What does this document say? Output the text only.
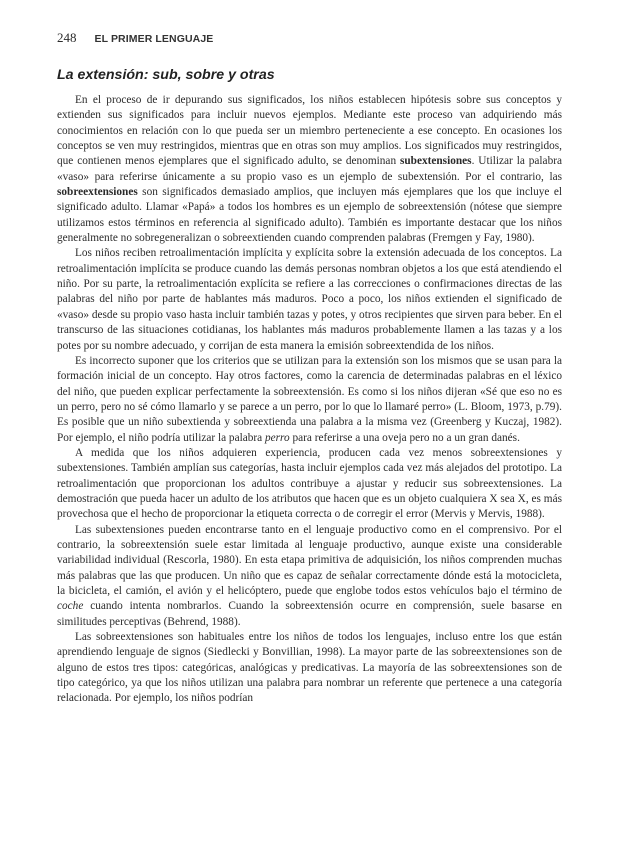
248 EL PRIMER LENGUAJE
La extensión: sub, sobre y otras

En el proceso de ir depurando sus significados, los niños establecen hipótesis sobre sus conceptos y extienden sus significados para incluir nuevos ejemplos. Mediante este proceso van adquiriendo más conocimientos en relación con lo que pueda ser un miembro perteneciente a ese concepto. En ocasiones los conceptos se ven muy restringidos, mientras que en otras son muy amplios. Los significados muy restringidos, que contienen menos ejemplares que el significado adulto, se denominan subextensiones. Utilizar la palabra «vaso» para referirse únicamente a su propio vaso es un ejemplo de subextensión. Por el contrario, las sobreextensiones son significados demasiado amplios, que incluyen más ejemplares que los que incluye el significado adulto. Llamar «Papá» a todos los hombres es un ejemplo de sobreextensión (nótese que siempre utilizamos estos términos en referencia al significado adulto). También es importante destacar que los niños generalmente no sobregeneralizan o sobreextienden cuando comprenden palabras (Fremgen y Fay, 1980).

Los niños reciben retroalimentación implícita y explícita sobre la extensión adecuada de los conceptos. La retroalimentación implícita se produce cuando las demás personas nombran objetos a los que está atendiendo el niño. Por su parte, la retroalimentación explícita se refiere a las correcciones o confirmaciones directas de las palabras del niño por parte de hablantes más maduros. Poco a poco, los niños extienden el significado de «vaso» desde su propio vaso hasta incluir también tazas y potes, y otros recipientes que sirven para beber. En el transcurso de las situaciones cotidianas, los hablantes más maduros probablemente llamen a las tazas y a los potes por su nombre adecuado, y corrijan de esta manera la emisión sobreextendida de los niños.

Es incorrecto suponer que los criterios que se utilizan para la extensión son los mismos que se usan para la formación inicial de un concepto. Hay otros factores, como la carencia de determinadas palabras en el léxico del niño, que pueden explicar perfectamente la sobreextensión. Es como si los niños dijeran «Sé que eso no es un perro, pero no sé cómo llamarlo y se parece a un perro, por lo que lo llamaré perro» (L. Bloom, 1973, p.79). Es posible que un niño subextienda y sobreextienda una palabra a la misma vez (Greenberg y Kuczaj, 1982). Por ejemplo, el niño podría utilizar la palabra perro para referirse a una oveja pero no a un gran danés.

A medida que los niños adquieren experiencia, producen cada vez menos sobreextensiones y subextensiones. También amplían sus categorías, hasta incluir ejemplos cada vez más alejados del prototipo. La retroalimentación que proporcionan los adultos contribuye a ajustar y reducir sus sobreextensiones. La demostración que pueda hacer un adulto de los atributos que hacen que es un objeto cualquiera X sea X, es más provechosa que el hecho de proporcionar la etiqueta correcta o de corregir el error (Mervis y Mervis, 1988).

Las subextensiones pueden encontrarse tanto en el lenguaje productivo como en el comprensivo. Por el contrario, la sobreextensión suele estar limitada al lenguaje productivo, aunque existe una considerable variabilidad individual (Rescorla, 1980). En esta etapa primitiva de adquisición, los niños comprenden muchas más palabras que las que producen. Un niño que es capaz de señalar correctamente dónde está la motocicleta, la bicicleta, el camión, el avión y el helicóptero, puede que englobe todos estos vehículos bajo el término de coche cuando intenta nombrarlos. Cuando la sobreextensión ocurre en comprensión, suele basarse en similitudes perceptivas (Behrend, 1988).

Las sobreextensiones son habituales entre los niños de todos los lenguajes, incluso entre los que están aprendiendo lenguaje de signos (Siedlecki y Bonvillian, 1998). La mayor parte de las sobreextensiones son de alguno de estos tres tipos: categóricas, analógicas y predicativas. La mayoría de las sobreextensiones son de tipo categórico, ya que los niños utilizan una palabra para nombrar un referente que pertenece a una categoría relacionada. Por ejemplo, los niños podrían
